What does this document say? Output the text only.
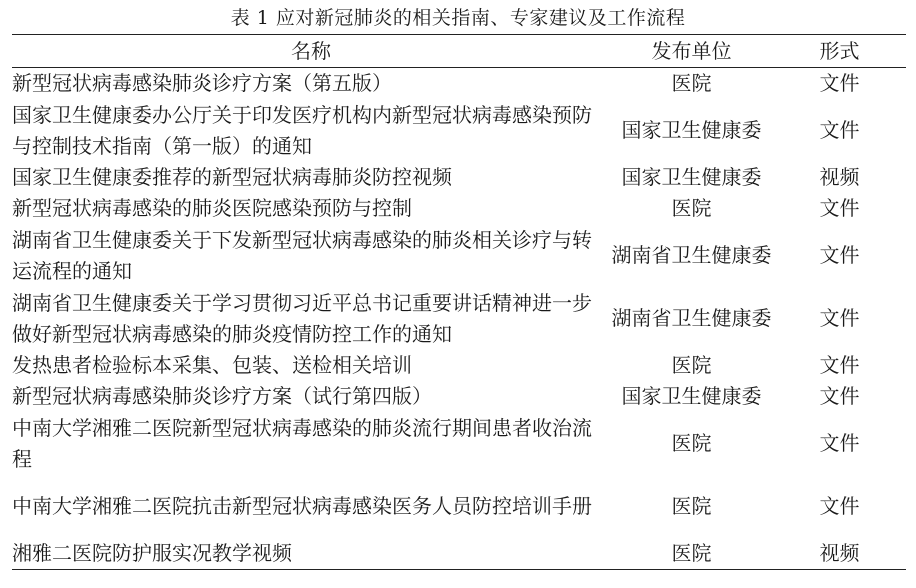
表 1 应对新冠肺炎的相关指南、专家建议及工作流程
名称	发布单位	形式
新型冠状病毒感染肺炎诊疗方案（第五版）	医院	文件
国家卫生健康委办公厅关于印发医疗机构内新型冠状病毒感染预防与控制技术指南（第一版）的通知	国家卫生健康委	文件
国家卫生健康委推荐的新型冠状病毒肺炎防控视频	国家卫生健康委	视频
新型冠状病毒感染的肺炎医院感染预防与控制	医院	文件
湖南省卫生健康委关于下发新型冠状病毒感染的肺炎相关诊疗与转运流程的通知	湖南省卫生健康委	文件
湖南省卫生健康委关于学习贯彻习近平总书记重要讲话精神进一步做好新型冠状病毒感染的肺炎疫情防控工作的通知	湖南省卫生健康委	文件
发热患者检验标本采集、包装、送检相关培训	医院	文件
新型冠状病毒感染肺炎诊疗方案（试行第四版）	国家卫生健康委	文件
中南大学湘雅二医院新型冠状病毒感染的肺炎流行期间患者收治流程	医院	文件
中南大学湘雅二医院抗击新型冠状病毒感染医务人员防控培训手册	医院	文件
湘雅二医院防护服实况教学视频	医院	视频
